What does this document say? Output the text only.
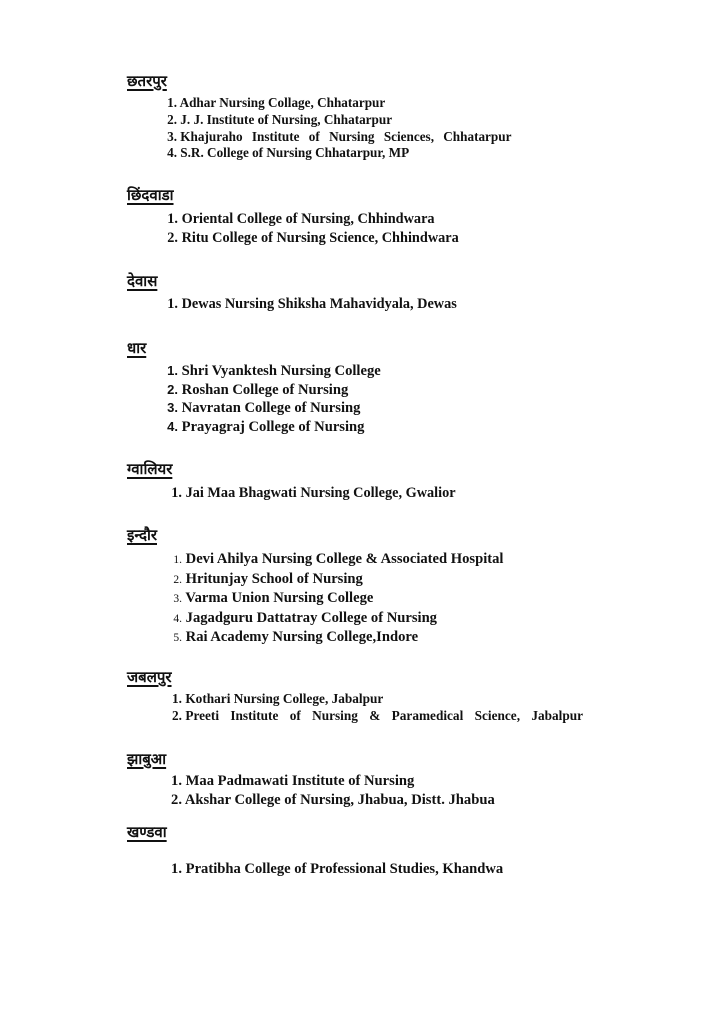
छतरपुर
1. Adhar Nursing Collage, Chhatarpur
2. J. J. Institute of Nursing, Chhatarpur
3. Khajuraho Institute of Nursing Sciences, Chhatarpur
4. S.R. College of Nursing Chhatarpur, MP
छिंदवाडा
1. Oriental College of Nursing, Chhindwara
2. Ritu College of Nursing Science, Chhindwara
देवास
1. Dewas Nursing Shiksha Mahavidyala, Dewas
धार
1. Shri Vyanktesh Nursing College
2. Roshan College of Nursing
3. Navratan College of Nursing
4. Prayagraj College of Nursing
ग्वालियर
1. Jai Maa Bhagwati Nursing College, Gwalior
इन्दौर
1. Devi Ahilya Nursing College & Associated Hospital
2. Hritunjay School of Nursing
3. Varma Union Nursing College
4. Jagadguru Dattatray College of Nursing
5. Rai Academy Nursing College,Indore
जबलपुर
1. Kothari Nursing College, Jabalpur
2. Preeti Institute of Nursing & Paramedical Science, Jabalpur
झाबुआ
1. Maa Padmawati Institute of Nursing
2. Akshar College of Nursing, Jhabua, Distt. Jhabua
खण्डवा
1. Pratibha College of Professional Studies, Khandwa
